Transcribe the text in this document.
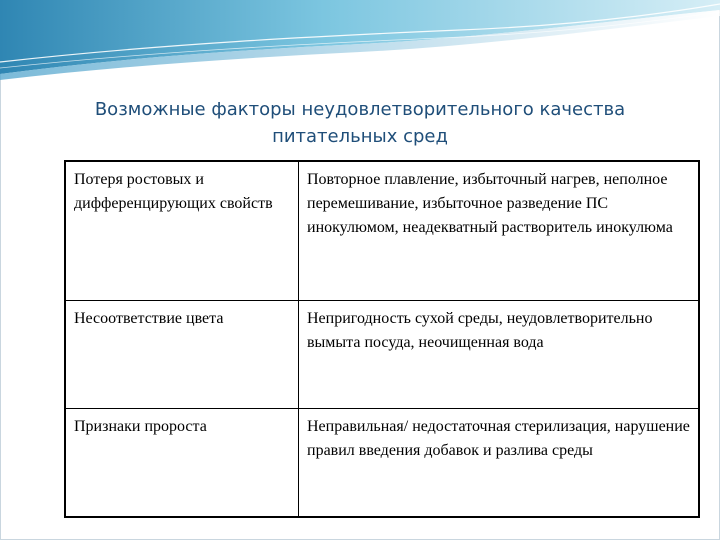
Возможные факторы неудовлетворительного качества
питательных сред
Потеря ростовых и дифференцирующих свойств	Повторное плавление, избыточный нагрев, неполное перемешивание, избыточное разведение ПС инокулюмом, неадекватный растворитель инокулюма
Несоответствие цвета	Непригодность сухой среды, неудовлетворительно вымыта посуда, неочищенная вода
Признаки пророста	Неправильная/ недостаточная стерилизация, нарушение правил введения добавок и разлива среды
